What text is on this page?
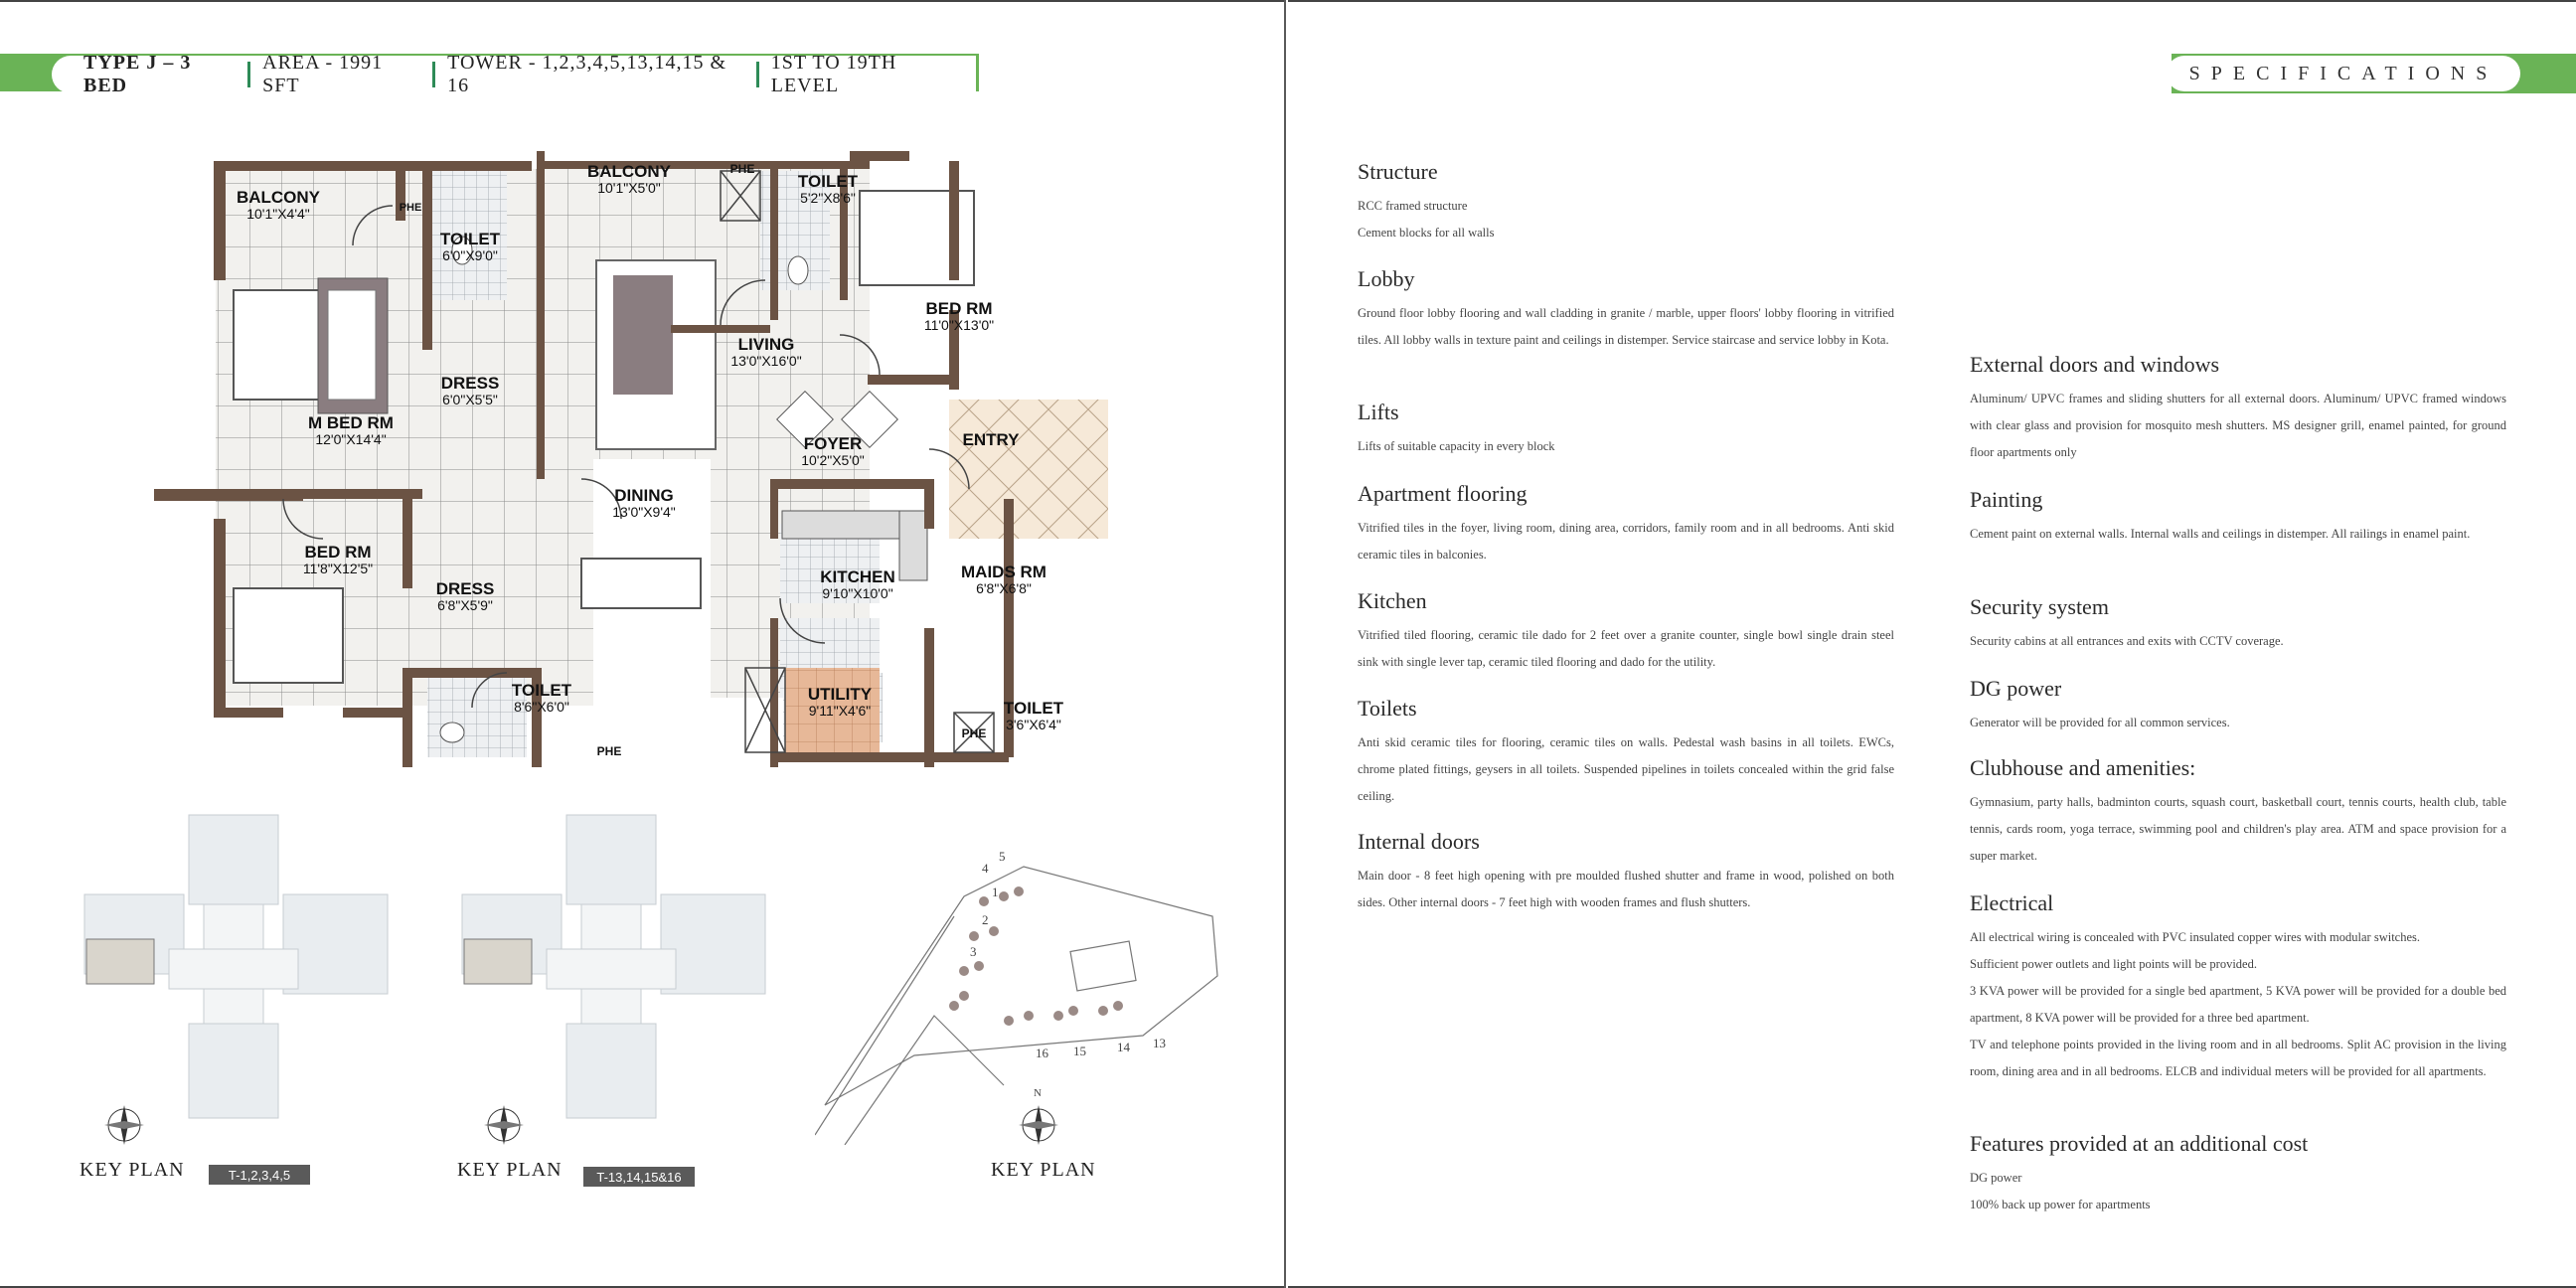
TYPE J – 3 BED
AREA - 1991 SFT
TOWER - 1,2,3,4,5,13,14,15 & 16
1ST TO 19TH LEVEL
BALCONY
10'1"X4'4"	PHE
TOILET
6'0"X9'0"
BALCONY
10'1"X5'0"
PHE
TOILET
5'2"X8'6"
BED RM
11'0"X13'0"
DRESS
6'0"X5'5"
LIVING
13'0"X16'0"
M BED RM
12'0"X14'4"	FOYER
10'2"X5'0"
ENTRY
DINING
13'0"X9'4"
BED RM
11'8"X12'5"
DRESS
6'8"X5'9"
KITCHEN
9'10"X10'0"
MAIDS RM
6'8"X6'8"
TOILET
8'6"X6'0"
UTILITY
9'11"X4'6"
PHE
TOILET
3'6"X6'4"
PHE
KEY PLAN	T-1,2,3,4,5	KEY PLAN	T-13,14,15&16
1
2
3
4
5
16 15 14 13
N
KEY PLAN
SPECIFICATIONS
Structure

RCC framed structure

Cement blocks for all walls

Lobby

Ground floor lobby flooring and wall cladding in granite / marble, upper floors' lobby flooring in vitrified tiles. All lobby walls in texture paint and ceilings in distemper. Service staircase and service lobby in Kota.

Lifts

Lifts of suitable capacity in every block

Apartment flooring

Vitrified tiles in the foyer, living room, dining area, corridors, family room and in all bedrooms. Anti skid ceramic tiles in balconies.

Kitchen

Vitrified tiled flooring, ceramic tile dado for 2 feet over a granite counter, single bowl single drain steel sink with single lever tap, ceramic tiled flooring and dado for the utility.

Toilets

Anti skid ceramic tiles for flooring, ceramic tiles on walls. Pedestal wash basins in all toilets. EWCs, chrome plated fittings, geysers in all toilets. Suspended pipelines in toilets concealed within the grid false ceiling.

Internal doors

Main door - 8 feet high opening with pre moulded flushed shutter and frame in wood, polished on both sides. Other internal doors - 7 feet high with wooden frames and flush shutters.

External doors and windows

Aluminum/ UPVC frames and sliding shutters for all external doors. Aluminum/ UPVC framed windows with clear glass and provision for mosquito mesh shutters. MS designer grill, enamel painted, for ground floor apartments only

Painting

Cement paint on external walls. Internal walls and ceilings in distemper. All railings in enamel paint.

Security system

Security cabins at all entrances and exits with CCTV coverage.

DG power

Generator will be provided for all common services.

Clubhouse and amenities:

Gymnasium, party halls, badminton courts, squash court, basketball court, tennis courts, health club, table tennis, cards room, yoga terrace, swimming pool and children's play area. ATM and space provision for a super market.

Electrical

All electrical wiring is concealed with PVC insulated copper wires with modular switches.

Sufficient power outlets and light points will be provided.

3 KVA power will be provided for a single bed apartment, 5 KVA power will be provided for a double bed apartment, 8 KVA power will be provided for a three bed apartment.

TV and telephone points provided in the living room and in all bedrooms. Split AC provision in the living room, dining area and in all bedrooms. ELCB and individual meters will be provided for all apartments.

Features provided at an additional cost

DG power

100% back up power for apartments
